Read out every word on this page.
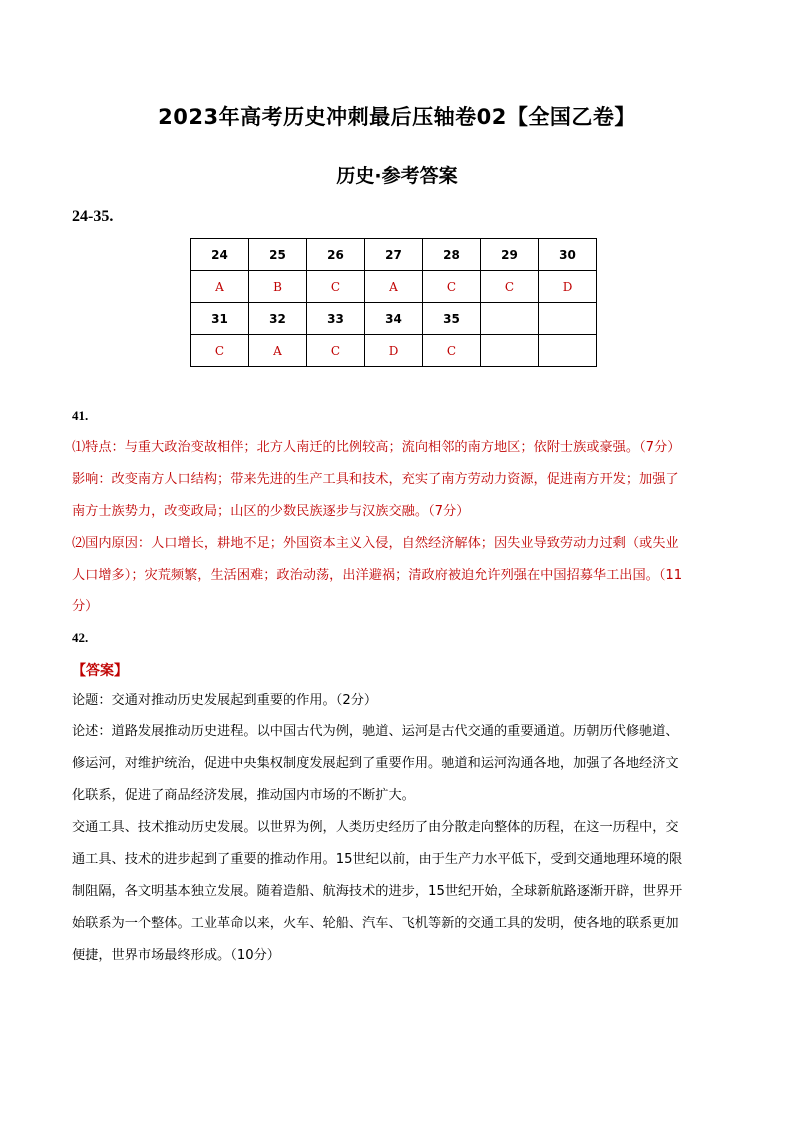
2023年高考历史冲刺最后压轴卷02【全国乙卷】
历史·参考答案
24-35.
24	25	26	27	28	29	30
A	B	C	A	C	C	D
31	32	33	34	35		
C	A	C	D	C		
41.
⑴特点：与重大政治变故相伴；北方人南迁的比例较高；流向相邻的南方地区；依附士族或豪强。（7分）
影响：改变南方人口结构；带来先进的生产工具和技术，充实了南方劳动力资源，促进南方开发；加强了
南方士族势力，改变政局；山区的少数民族逐步与汉族交融。（7分）
⑵国内原因：人口增长，耕地不足；外国资本主义入侵，自然经济解体；因失业导致劳动力过剩（或失业
人口增多）；灾荒频繁，生活困难；政治动荡，出洋避祸；清政府被迫允许列强在中国招募华工出国。（11
分）
42.
【答案】
论题：交通对推动历史发展起到重要的作用。（2分）
论述：道路发展推动历史进程。以中国古代为例，驰道、运河是古代交通的重要通道。历朝历代修驰道、
修运河，对维护统治，促进中央集权制度发展起到了重要作用。驰道和运河沟通各地，加强了各地经济文
化联系，促进了商品经济发展，推动国内市场的不断扩大。
交通工具、技术推动历史发展。以世界为例，人类历史经历了由分散走向整体的历程，在这一历程中，交
通工具、技术的进步起到了重要的推动作用。15世纪以前，由于生产力水平低下，受到交通地理环境的限
制阻隔，各文明基本独立发展。随着造船、航海技术的进步，15世纪开始，全球新航路逐渐开辟，世界开
始联系为一个整体。工业革命以来，火车、轮船、汽车、飞机等新的交通工具的发明，使各地的联系更加
便捷，世界市场最终形成。（10分）
